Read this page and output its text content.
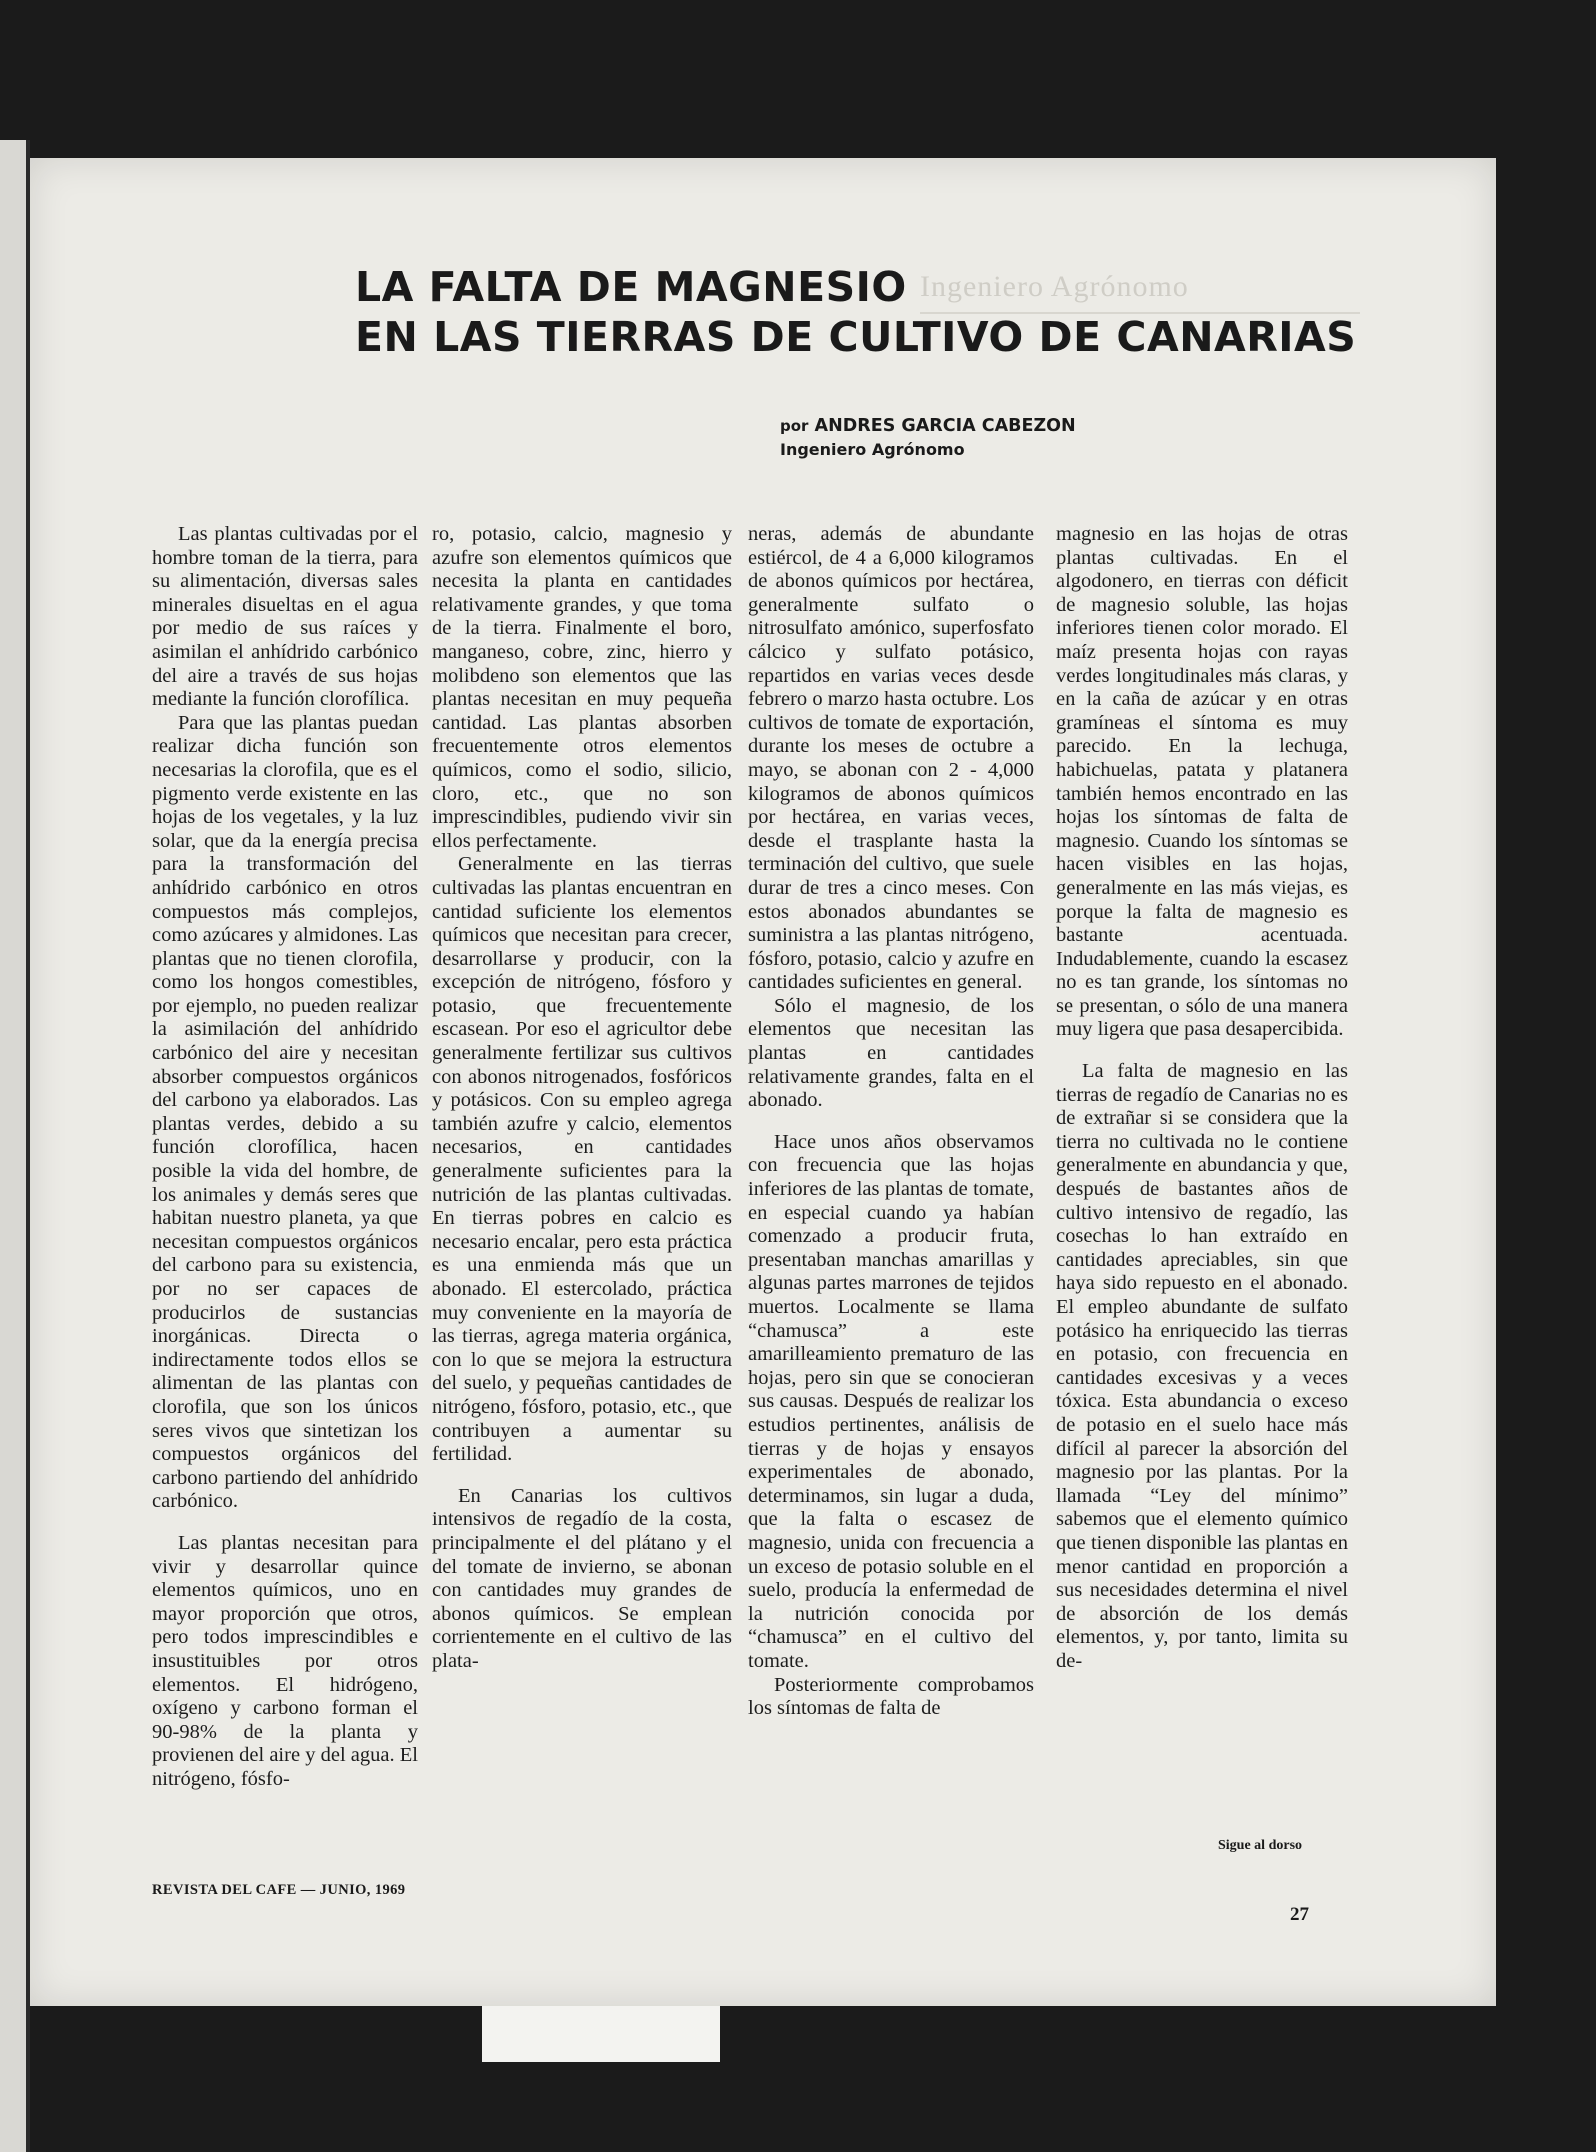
Ingeniero Agrónomo
LA FALTA DE MAGNESIO
EN LAS TIERRAS DE CULTIVO DE CANARIAS
por ANDRES GARCIA CABEZON
Ingeniero Agrónomo

Las plantas cultivadas por el hombre toman de la tierra, para su alimentación, diversas sales minerales disueltas en el agua por medio de sus raíces y asimilan el anhídrido carbónico del aire a través de sus hojas mediante la función clorofílica.

Para que las plantas puedan realizar dicha función son necesarias la clorofila, que es el pigmento verde existente en las hojas de los vegetales, y la luz solar, que da la energía precisa para la transformación del anhídrido carbónico en otros compuestos más complejos, como azúcares y almidones. Las plantas que no tienen clorofila, como los hongos comestibles, por ejemplo, no pueden realizar la asimilación del anhídrido carbónico del aire y necesitan absorber compuestos orgánicos del carbono ya elaborados. Las plantas verdes, debido a su función clorofílica, hacen posible la vida del hombre, de los animales y demás seres que habitan nuestro planeta, ya que necesitan compuestos orgánicos del carbono para su existencia, por no ser capaces de producirlos de sustancias inorgánicas. Directa o indirectamente todos ellos se alimentan de las plantas con clorofila, que son los únicos seres vivos que sintetizan los compuestos orgánicos del carbono partiendo del anhídrido carbónico.

Las plantas necesitan para vivir y desarrollar quince elementos químicos, uno en mayor proporción que otros, pero todos imprescindibles e insustituibles por otros elementos. El hidrógeno, oxígeno y carbono forman el 90-98% de la planta y provienen del aire y del agua. El nitrógeno, fósfo-

ro, potasio, calcio, magnesio y azufre son elementos químicos que necesita la planta en cantidades relativamente grandes, y que toma de la tierra. Finalmente el boro, manganeso, cobre, zinc, hierro y molibdeno son elementos que las plantas necesitan en muy pequeña cantidad. Las plantas absorben frecuentemente otros elementos químicos, como el sodio, silicio, cloro, etc., que no son imprescindibles, pudiendo vivir sin ellos perfectamente.

Generalmente en las tierras cultivadas las plantas encuentran en cantidad suficiente los elementos químicos que necesitan para crecer, desarrollarse y producir, con la excepción de nitrógeno, fósforo y potasio, que frecuentemente escasean. Por eso el agricultor debe generalmente fertilizar sus cultivos con abonos nitrogenados, fosfóricos y potásicos. Con su empleo agrega también azufre y calcio, elementos necesarios, en cantidades generalmente suficientes para la nutrición de las plantas cultivadas. En tierras pobres en calcio es necesario encalar, pero esta práctica es una enmienda más que un abonado. El estercolado, práctica muy conveniente en la mayoría de las tierras, agrega materia orgánica, con lo que se mejora la estructura del suelo, y pequeñas cantidades de nitrógeno, fósforo, potasio, etc., que contribuyen a aumentar su fertilidad.

En Canarias los cultivos intensivos de regadío de la costa, principalmente el del plátano y el del tomate de invierno, se abonan con cantidades muy grandes de abonos químicos. Se emplean corrientemente en el cultivo de las plata-

neras, además de abundante estiércol, de 4 a 6,000 kilogramos de abonos químicos por hectárea, generalmente sulfato o nitrosulfato amónico, superfosfato cálcico y sulfato potásico, repartidos en varias veces desde febrero o marzo hasta octubre. Los cultivos de tomate de exportación, durante los meses de octubre a mayo, se abonan con 2 - 4,000 kilogramos de abonos químicos por hectárea, en varias veces, desde el trasplante hasta la terminación del cultivo, que suele durar de tres a cinco meses. Con estos abonados abundantes se suministra a las plantas nitrógeno, fósforo, potasio, calcio y azufre en cantidades suficientes en general.

Sólo el magnesio, de los elementos que necesitan las plantas en cantidades relativamente grandes, falta en el abonado.

Hace unos años observamos con frecuencia que las hojas inferiores de las plantas de tomate, en especial cuando ya habían comenzado a producir fruta, presentaban manchas amarillas y algunas partes marrones de tejidos muertos. Localmente se llama “chamusca” a este amarilleamiento prematuro de las hojas, pero sin que se conocieran sus causas. Después de realizar los estudios pertinentes, análisis de tierras y de hojas y ensayos experimentales de abonado, determinamos, sin lugar a duda, que la falta o escasez de magnesio, unida con frecuencia a un exceso de potasio soluble en el suelo, producía la enfermedad de la nutrición conocida por “chamusca” en el cultivo del tomate.

Posteriormente comprobamos los síntomas de falta de

magnesio en las hojas de otras plantas cultivadas. En el algodonero, en tierras con déficit de magnesio soluble, las hojas inferiores tienen color morado. El maíz presenta hojas con rayas verdes longitudinales más claras, y en la caña de azúcar y en otras gramíneas el síntoma es muy parecido. En la lechuga, habichuelas, patata y platanera también hemos encontrado en las hojas los síntomas de falta de magnesio. Cuando los síntomas se hacen visibles en las hojas, generalmente en las más viejas, es porque la falta de magnesio es bastante acentuada. Indudablemente, cuando la escasez no es tan grande, los síntomas no se presentan, o sólo de una manera muy ligera que pasa desapercibida.

La falta de magnesio en las tierras de regadío de Canarias no es de extrañar si se considera que la tierra no cultivada no le contiene generalmente en abundancia y que, después de bastantes años de cultivo intensivo de regadío, las cosechas lo han extraído en cantidades apreciables, sin que haya sido repuesto en el abonado. El empleo abundante de sulfato potásico ha enriquecido las tierras en potasio, con frecuencia en cantidades excesivas y a veces tóxica. Esta abundancia o exceso de potasio en el suelo hace más difícil al parecer la absorción del magnesio por las plantas. Por la llamada “Ley del mínimo” sabemos que el elemento químico que tienen disponible las plantas en menor cantidad en proporción a sus necesidades determina el nivel de absorción de los demás elementos, y, por tanto, limita su de-

Sigue al dorso
REVISTA DEL CAFE — JUNIO, 1969
27
